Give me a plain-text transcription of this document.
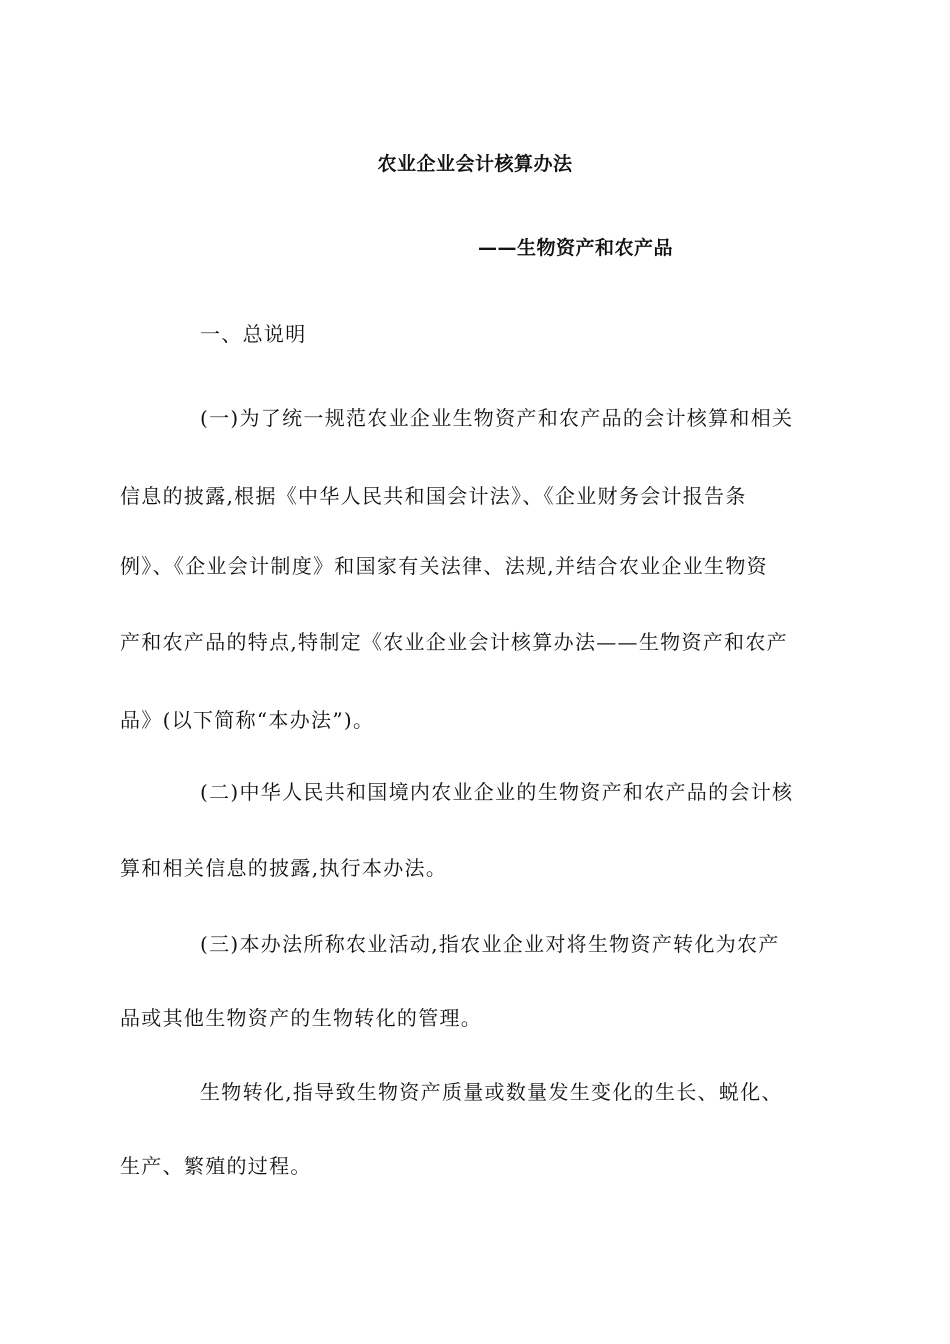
农业企业会计核算办法
——生物资产和农产品
一、总说明
(一)为了统一规范农业企业生物资产和农产品的会计核算和相关
信息的披露,根据《中华人民共和国会计法》、《企业财务会计报告条
例》、《企业会计制度》和国家有关法律、法规,并结合农业企业生物资
产和农产品的特点,特制定《农业企业会计核算办法——生物资产和农产
品》(以下简称“本办法”)。
(二)中华人民共和国境内农业企业的生物资产和农产品的会计核
算和相关信息的披露,执行本办法。
(三)本办法所称农业活动,指农业企业对将生物资产转化为农产
品或其他生物资产的生物转化的管理。
生物转化,指导致生物资产质量或数量发生变化的生长、蜕化、
生产、繁殖的过程。
